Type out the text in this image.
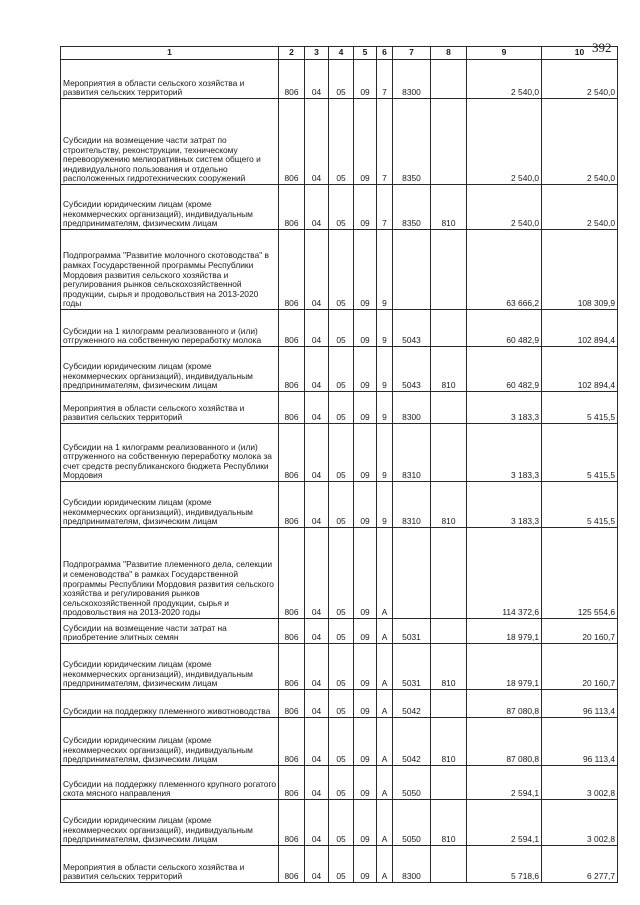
392
1	2	3	4	5	6	7	8	9	10
Мероприятия в области сельского хозяйства и развития сельских территорий	806	04	05	09	7	8300		2 540,0	2 540,0
Субсидии на возмещение части затрат по строительству, реконструкции, техническому перевооружению мелиоративных систем общего и индивидуального пользования и отдельно расположенных гидротехнических сооружений	806	04	05	09	7	8350		2 540,0	2 540,0
Субсидии юридическим лицам (кроме некоммерческих организаций), индивидуальным предпринимателям, физическим лицам	806	04	05	09	7	8350	810	2 540,0	2 540,0
Подпрограмма "Развитие молочного скотоводства" в рамках Государственной программы Республики Мордовия развития сельского хозяйства и регулирования рынков сельскохозяйственной продукции, сырья и продовольствия на 2013-2020 годы	806	04	05	09	9			63 666,2	108 309,9
Субсидии на 1 килограмм реализованного и (или) отгруженного на собственную переработку молока	806	04	05	09	9	5043		60 482,9	102 894,4
Субсидии юридическим лицам (кроме некоммерческих организаций), индивидуальным предпринимателям, физическим лицам	806	04	05	09	9	5043	810	60 482,9	102 894,4
Мероприятия в области сельского хозяйства и развития сельских территорий	806	04	05	09	9	8300		3 183,3	5 415,5
Субсидии на 1 килограмм реализованного и (или) отгруженного на собственную переработку молока за счет средств республиканского бюджета Республики Мордовия	806	04	05	09	9	8310		3 183,3	5 415,5
Субсидии юридическим лицам (кроме некоммерческих организаций), индивидуальным предпринимателям, физическим лицам	806	04	05	09	9	8310	810	3 183,3	5 415,5
Подпрограмма "Развитие племенного дела, селекции и семеноводства" в рамках Государственной программы Республики Мордовия развития сельского хозяйства и регулирования рынков сельскохозяйственной продукции, сырья и продовольствия на 2013-2020 годы	806	04	05	09	А			114 372,6	125 554,6
Субсидии на возмещение части затрат на приобретение элитных семян	806	04	05	09	А	5031		18 979,1	20 160,7
Субсидии юридическим лицам (кроме некоммерческих организаций), индивидуальным предпринимателям, физическим лицам	806	04	05	09	А	5031	810	18 979,1	20 160,7
Субсидии на поддержку племенного животноводства	806	04	05	09	А	5042		87 080,8	96 113,4
Субсидии юридическим лицам (кроме некоммерческих организаций), индивидуальным предпринимателям, физическим лицам	806	04	05	09	А	5042	810	87 080,8	96 113,4
Субсидии на поддержку племенного крупного рогатого скота мясного направления	806	04	05	09	А	5050		2 594,1	3 002,8
Субсидии юридическим лицам (кроме некоммерческих организаций), индивидуальным предпринимателям, физическим лицам	806	04	05	09	А	5050	810	2 594,1	3 002,8
Мероприятия в области сельского хозяйства и развития сельских территорий	806	04	05	09	А	8300		5 718,6	6 277,7
